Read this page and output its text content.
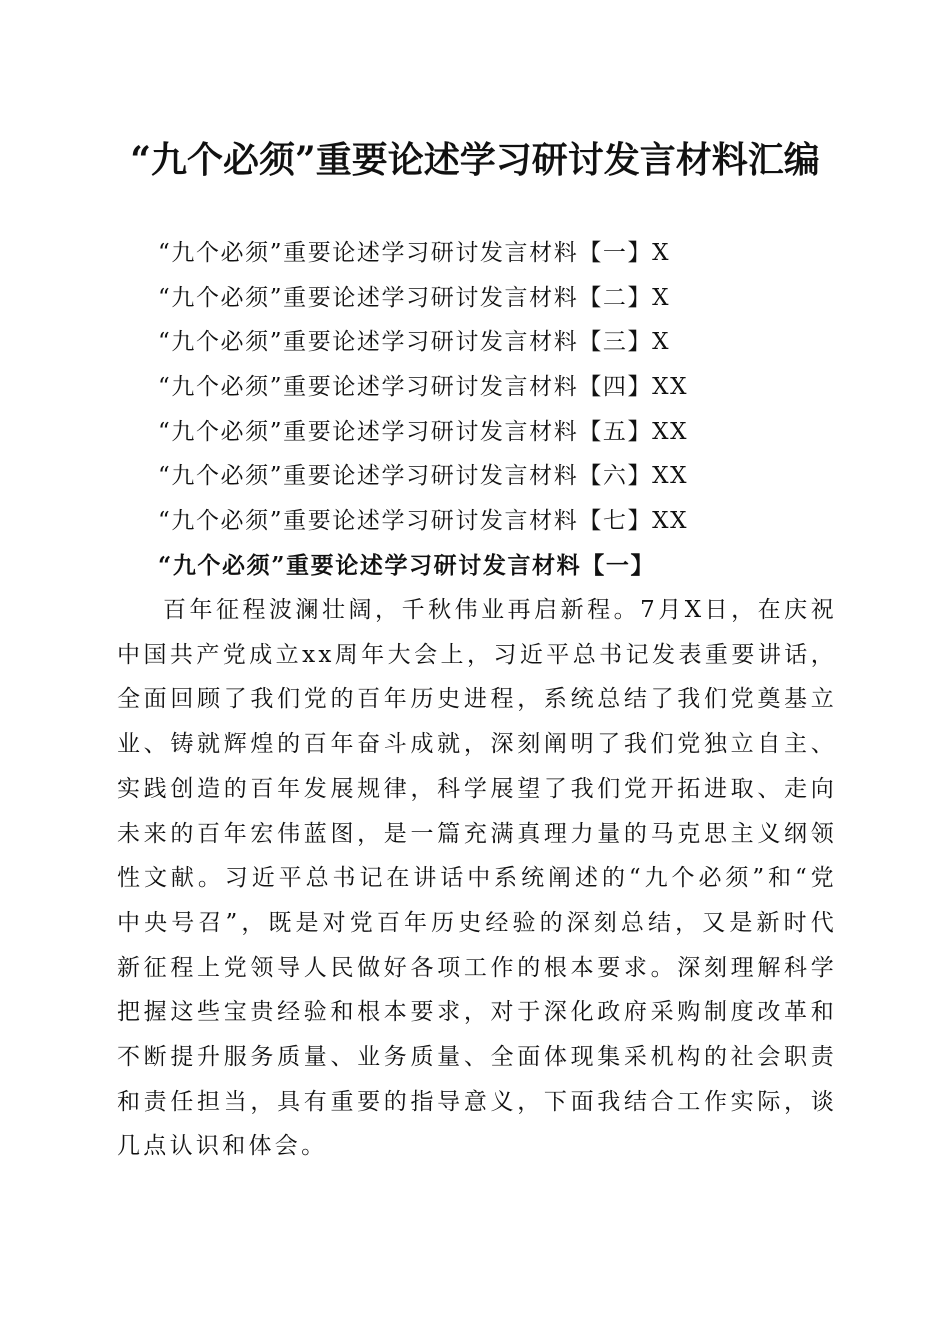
“九个必须”重要论述学习研讨发言材料汇编
“九个必须”重要论述学习研讨发言材料【一】X
“九个必须”重要论述学习研讨发言材料【二】X
“九个必须”重要论述学习研讨发言材料【三】X
“九个必须”重要论述学习研讨发言材料【四】XX
“九个必须”重要论述学习研讨发言材料【五】XX
“九个必须”重要论述学习研讨发言材料【六】XX
“九个必须”重要论述学习研讨发言材料【七】XX
“九个必须”重要论述学习研讨发言材料【一】

百年征程波澜壮阔，千秋伟业再启新程。7月X日，在庆祝中国共产党成立xx周年大会上，习近平总书记发表重要讲话，全面回顾了我们党的百年历史进程，系统总结了我们党奠基立业、铸就辉煌的百年奋斗成就，深刻阐明了我们党独立自主、实践创造的百年发展规律，科学展望了我们党开拓进取、走向未来的百年宏伟蓝图，是一篇充满真理力量的马克思主义纲领性文献。习近平总书记在讲话中系统阐述的“九个必须”和“党中央号召”，既是对党百年历史经验的深刻总结，又是新时代新征程上党领导人民做好各项工作的根本要求。深刻理解科学把握这些宝贵经验和根本要求，对于深化政府采购制度改革和不断提升服务质量、业务质量、全面体现集采机构的社会职责和责任担当，具有重要的指导意义，下面我结合工作实际，谈几点认识和体会。
